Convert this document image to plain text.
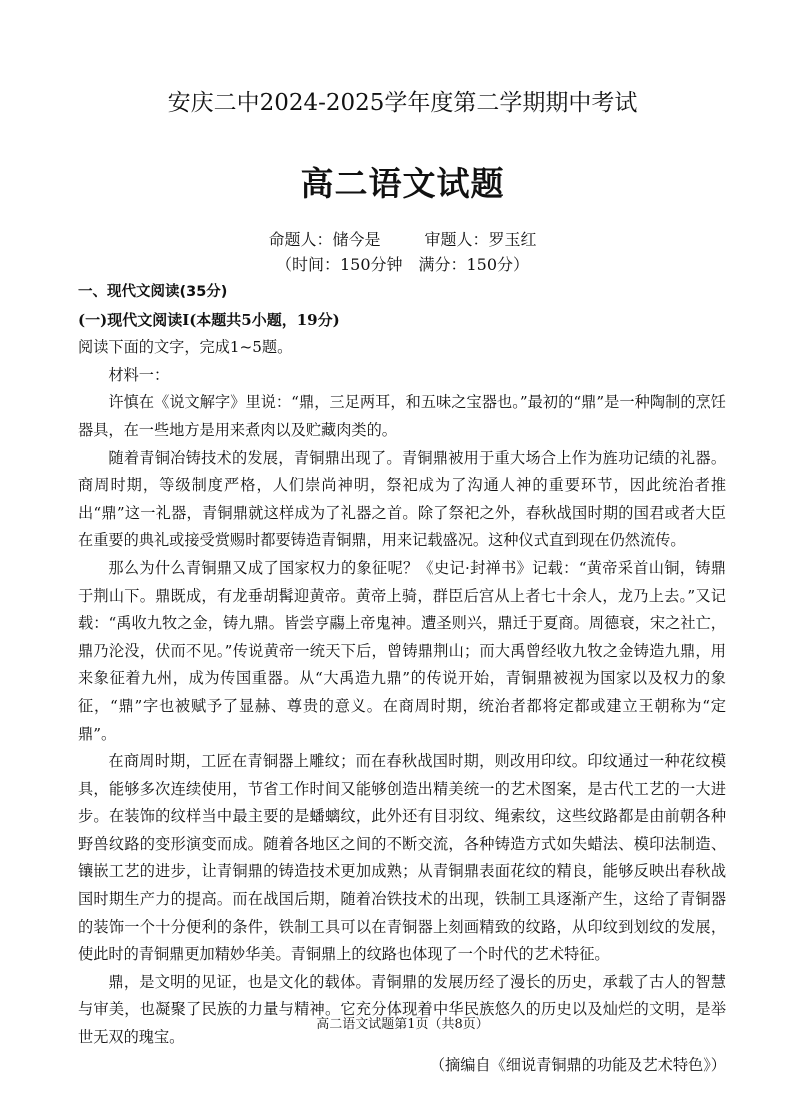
安庆二中2024-2025学年度第二学期期中考试
高二语文试题
命题人：储今是	审题人：罗玉红
（时间：150分钟　满分：150分）

一、现代文阅读(35分)

(一)现代文阅读Ⅰ(本题共5小题，19分)

阅读下面的文字，完成1~5题。

材料一：

许慎在《说文解字》里说：“鼎，三足两耳，和五味之宝器也。”最初的“鼎”是一种陶制的烹饪器具，在一些地方是用来煮肉以及贮藏肉类的。

随着青铜冶铸技术的发展，青铜鼎出现了。青铜鼎被用于重大场合上作为旌功记绩的礼器。商周时期，等级制度严格，人们崇尚神明，祭祀成为了沟通人神的重要环节，因此统治者推出“鼎”这一礼器，青铜鼎就这样成为了礼器之首。除了祭祀之外，春秋战国时期的国君或者大臣在重要的典礼或接受赏赐时都要铸造青铜鼎，用来记载盛况。这种仪式直到现在仍然流传。

那么为什么青铜鼎又成了国家权力的象征呢？《史记·封禅书》记载：“黄帝采首山铜，铸鼎于荆山下。鼎既成，有龙垂胡髯迎黄帝。黄帝上骑，群臣后宫从上者七十余人，龙乃上去。”又记载：“禹收九牧之金，铸九鼎。皆尝亨鬺上帝鬼神。遭圣则兴，鼎迁于夏商。周德衰，宋之社亡，鼎乃沦没，伏而不见。”传说黄帝一统天下后，曾铸鼎荆山；而大禹曾经收九牧之金铸造九鼎，用来象征着九州，成为传国重器。从“大禹造九鼎”的传说开始，青铜鼎被视为国家以及权力的象征，“鼎”字也被赋予了显赫、尊贵的意义。在商周时期，统治者都将定都或建立王朝称为“定鼎”。

在商周时期，工匠在青铜器上雕纹；而在春秋战国时期，则改用印纹。印纹通过一种花纹模具，能够多次连续使用，节省工作时间又能够创造出精美统一的艺术图案，是古代工艺的一大进步。在装饰的纹样当中最主要的是蟠螭纹，此外还有目羽纹、绳索纹，这些纹路都是由前朝各种野兽纹路的变形演变而成。随着各地区之间的不断交流，各种铸造方式如失蜡法、模印法制造、镶嵌工艺的进步，让青铜鼎的铸造技术更加成熟；从青铜鼎表面花纹的精良，能够反映出春秋战国时期生产力的提高。而在战国后期，随着冶铁技术的出现，铁制工具逐渐产生，这给了青铜器的装饰一个十分便利的条件，铁制工具可以在青铜器上刻画精致的纹路，从印纹到划纹的发展，使此时的青铜鼎更加精妙华美。青铜鼎上的纹路也体现了一个时代的艺术特征。

鼎，是文明的见证，也是文化的载体。青铜鼎的发展历经了漫长的历史，承载了古人的智慧与审美，也凝聚了民族的力量与精神。它充分体现着中华民族悠久的历史以及灿烂的文明，是举世无双的瑰宝。

（摘编自《细说青铜鼎的功能及艺术特色》）

高二语文试题第1页（共8页）
